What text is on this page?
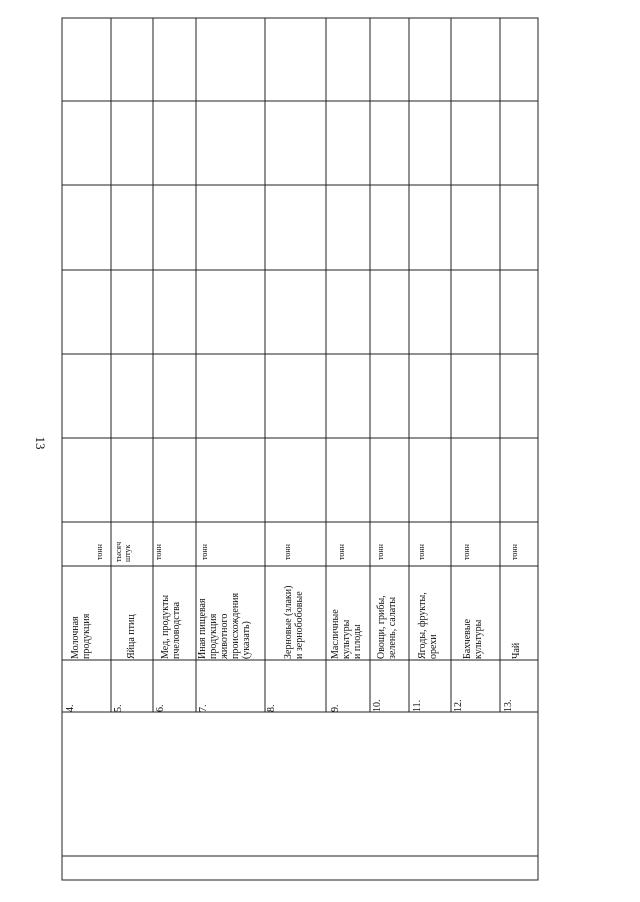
13
4.
Молочная
продукция
тонн
5.
Яйца птиц
тысяч
штук
6.
Мед, продукты
пчеловодства
тонн
7.
Иная пищевая
продукция
животного
происхождения
(указать)
тонн
8.
Зерновые (злаки)
и зернобобовые
тонн
9.
Масличные
культуры
и плоды
тонн
10.
Овощи, грибы,
зелень, салаты
тонн
11.
Ягоды, фрукты,
орехи
тонн
12.
Бахчевые
культуры
тонн
13.
Чай
тонн
